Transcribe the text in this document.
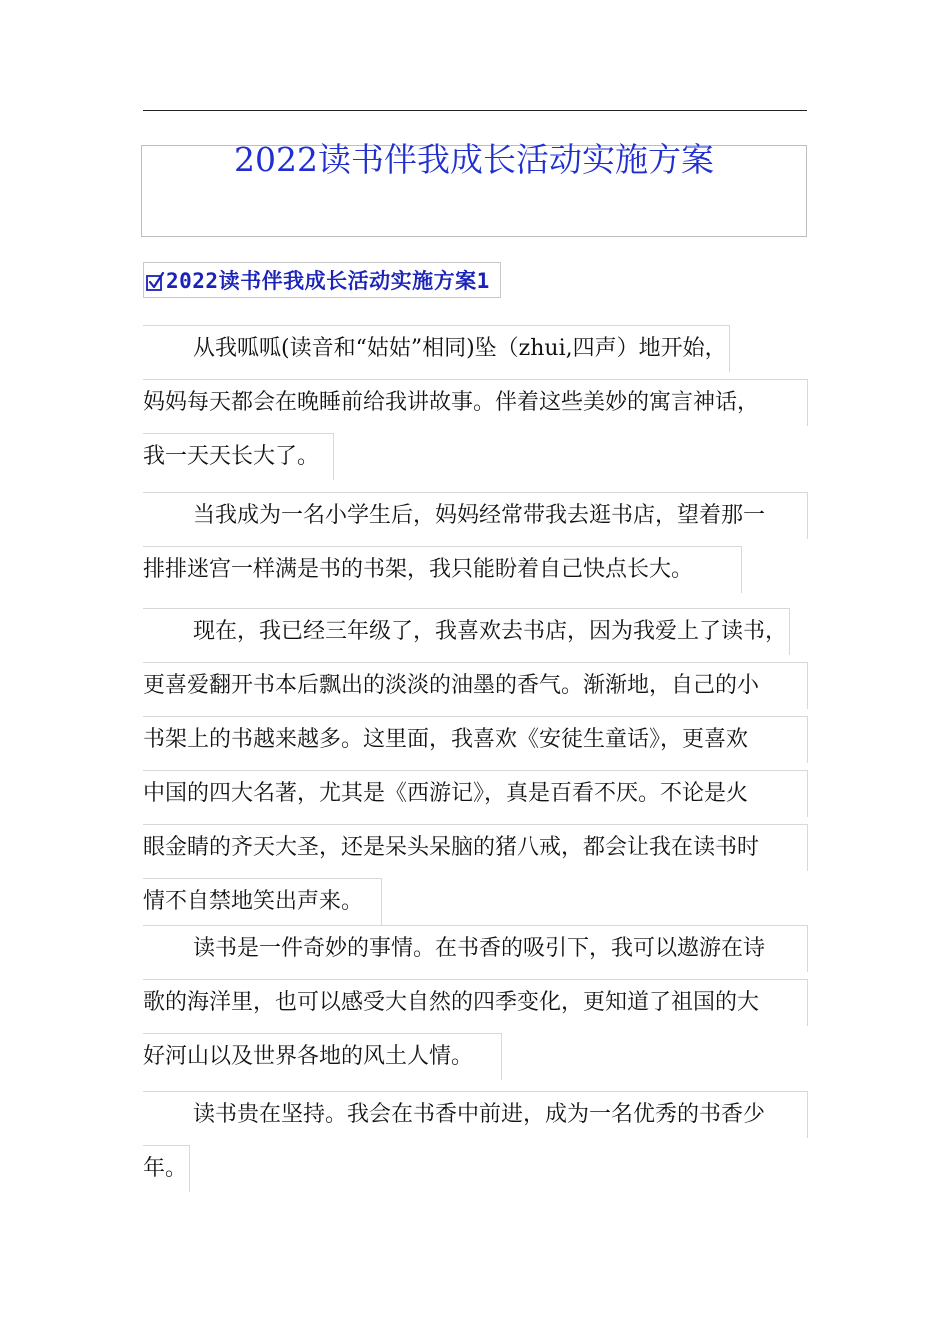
2022读书伴我成长活动实施方案
2022读书伴我成长活动实施方案1
从我呱呱(读音和“姑姑”相同)坠（zhui,四声）地开始，
妈妈每天都会在晚睡前给我讲故事。伴着这些美妙的寓言神话，
我一天天长大了。
当我成为一名小学生后，妈妈经常带我去逛书店，望着那一
排排迷宫一样满是书的书架，我只能盼着自己快点长大。
现在，我已经三年级了，我喜欢去书店，因为我爱上了读书，
更喜爱翻开书本后飘出的淡淡的油墨的香气。渐渐地，自己的小
书架上的书越来越多。这里面，我喜欢《安徒生童话》，更喜欢
中国的四大名著，尤其是《西游记》，真是百看不厌。不论是火
眼金睛的齐天大圣，还是呆头呆脑的猪八戒，都会让我在读书时
情不自禁地笑出声来。
读书是一件奇妙的事情。在书香的吸引下，我可以遨游在诗
歌的海洋里，也可以感受大自然的四季变化，更知道了祖国的大
好河山以及世界各地的风土人情。
读书贵在坚持。我会在书香中前进，成为一名优秀的书香少
年。
